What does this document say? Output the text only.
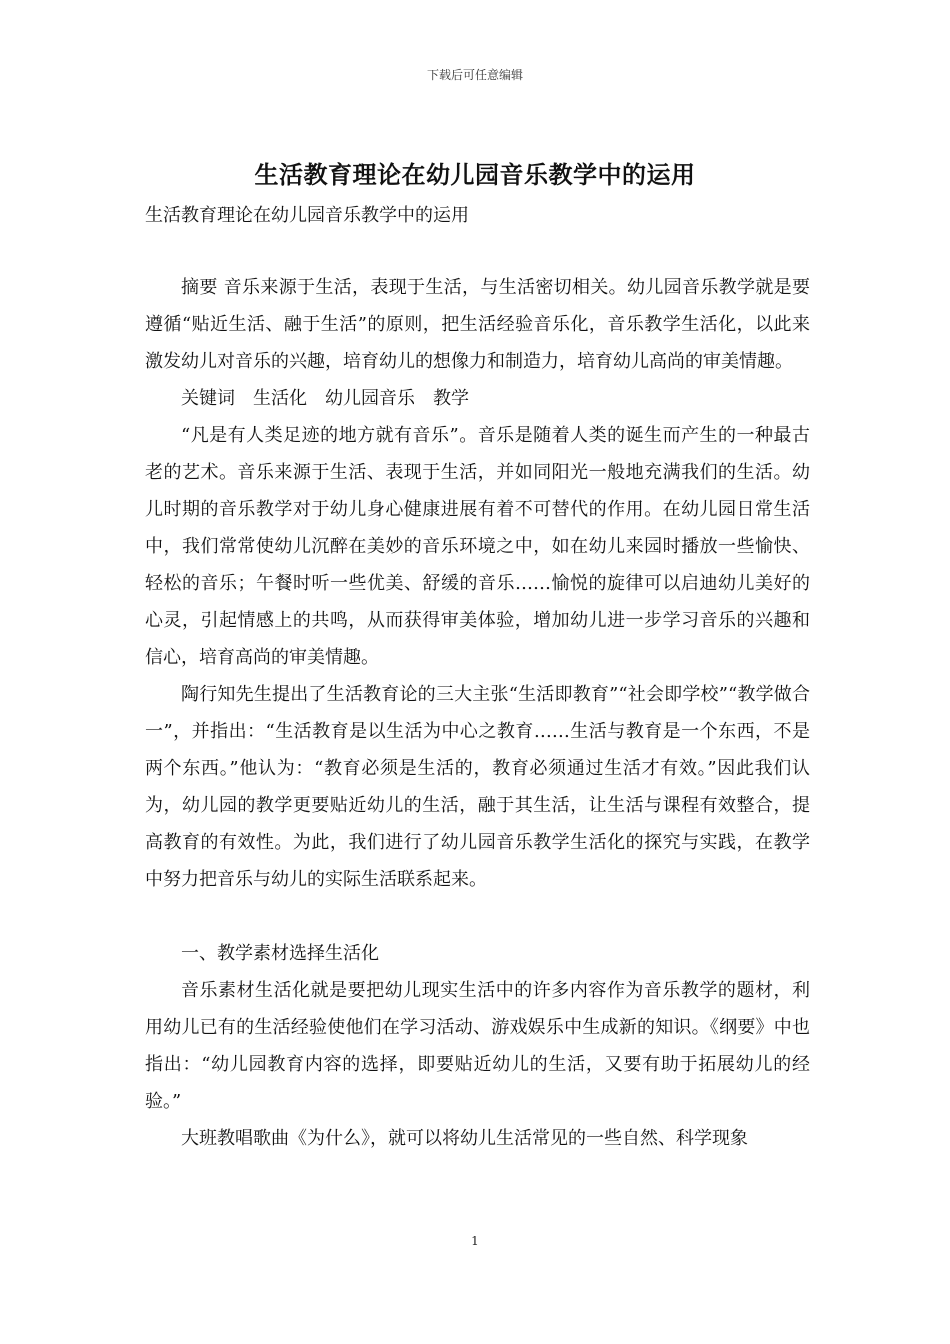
下载后可任意编辑
生活教育理论在幼儿园音乐教学中的运用
生活教育理论在幼儿园音乐教学中的运用

摘要 音乐来源于生活，表现于生活，与生活密切相关。幼儿园音乐教学就是要遵循“贴近生活、融于生活”的原则，把生活经验音乐化，音乐教学生活化，以此来激发幼儿对音乐的兴趣，培育幼儿的想像力和制造力，培育幼儿高尚的审美情趣。

关键词　生活化　幼儿园音乐　教学

“凡是有人类足迹的地方就有音乐”。音乐是随着人类的诞生而产生的一种最古老的艺术。音乐来源于生活、表现于生活，并如同阳光一般地充满我们的生活。幼儿时期的音乐教学对于幼儿身心健康进展有着不可替代的作用。在幼儿园日常生活中，我们常常使幼儿沉醉在美妙的音乐环境之中，如在幼儿来园时播放一些愉快、轻松的音乐；午餐时听一些优美、舒缓的音乐……愉悦的旋律可以启迪幼儿美好的心灵，引起情感上的共鸣，从而获得审美体验，增加幼儿进一步学习音乐的兴趣和信心，培育高尚的审美情趣。

陶行知先生提出了生活教育论的三大主张“生活即教育”“社会即学校”“教学做合一”，并指出：“生活教育是以生活为中心之教育……生活与教育是一个东西，不是两个东西。”他认为：“教育必须是生活的，教育必须通过生活才有效。”因此我们认为，幼儿园的教学更要贴近幼儿的生活，融于其生活，让生活与课程有效整合，提高教育的有效性。为此，我们进行了幼儿园音乐教学生活化的探究与实践，在教学中努力把音乐与幼儿的实际生活联系起来。

一、教学素材选择生活化

音乐素材生活化就是要把幼儿现实生活中的许多内容作为音乐教学的题材，利用幼儿已有的生活经验使他们在学习活动、游戏娱乐中生成新的知识。《纲要》中也指出：“幼儿园教育内容的选择，即要贴近幼儿的生活，又要有助于拓展幼儿的经验。”

大班教唱歌曲《为什么》，就可以将幼儿生活常见的一些自然、科学现象

1
